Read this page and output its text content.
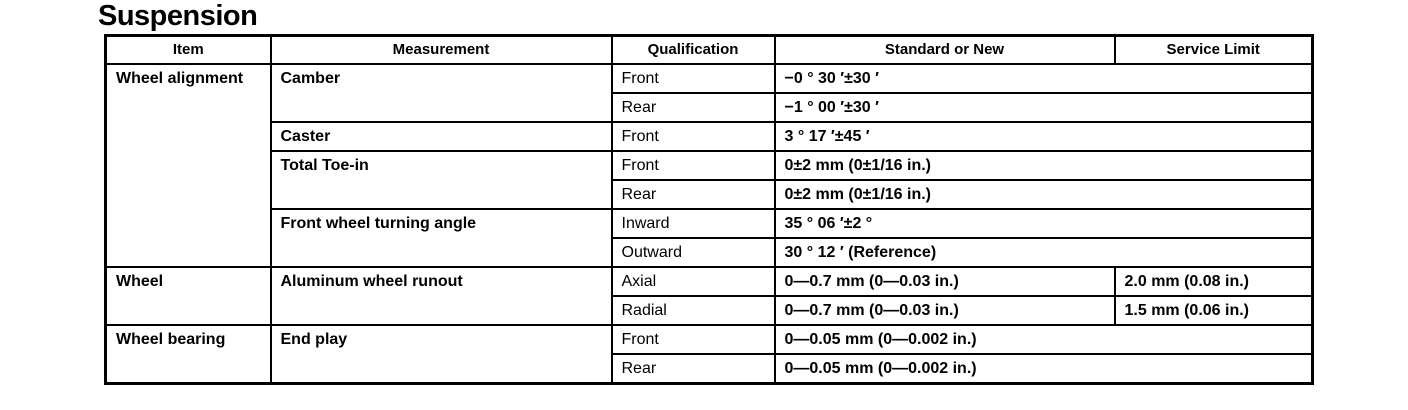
Suspension
Item	Measurement	Qualification	Standard or New	Service Limit
Wheel alignment	Camber	Front	−0 ° 30 ′±30 ′	
		Rear	−1 ° 00 ′±30 ′	
	Caster	Front	3 ° 17 ′±45 ′	
	Total Toe-in	Front	0±2 mm (0±1/16 in.)	
		Rear	0±2 mm (0±1/16 in.)	
	Front wheel turning angle	Inward	35 ° 06 ′±2 °	
		Outward	30 ° 12 ′ (Reference)	
Wheel	Aluminum wheel runout	Axial	0—0.7 mm (0—0.03 in.)	2.0 mm (0.08 in.)
		Radial	0—0.7 mm (0—0.03 in.)	1.5 mm (0.06 in.)
Wheel bearing	End play	Front	0—0.05 mm (0—0.002 in.)	
		Rear	0—0.05 mm (0—0.002 in.)	
